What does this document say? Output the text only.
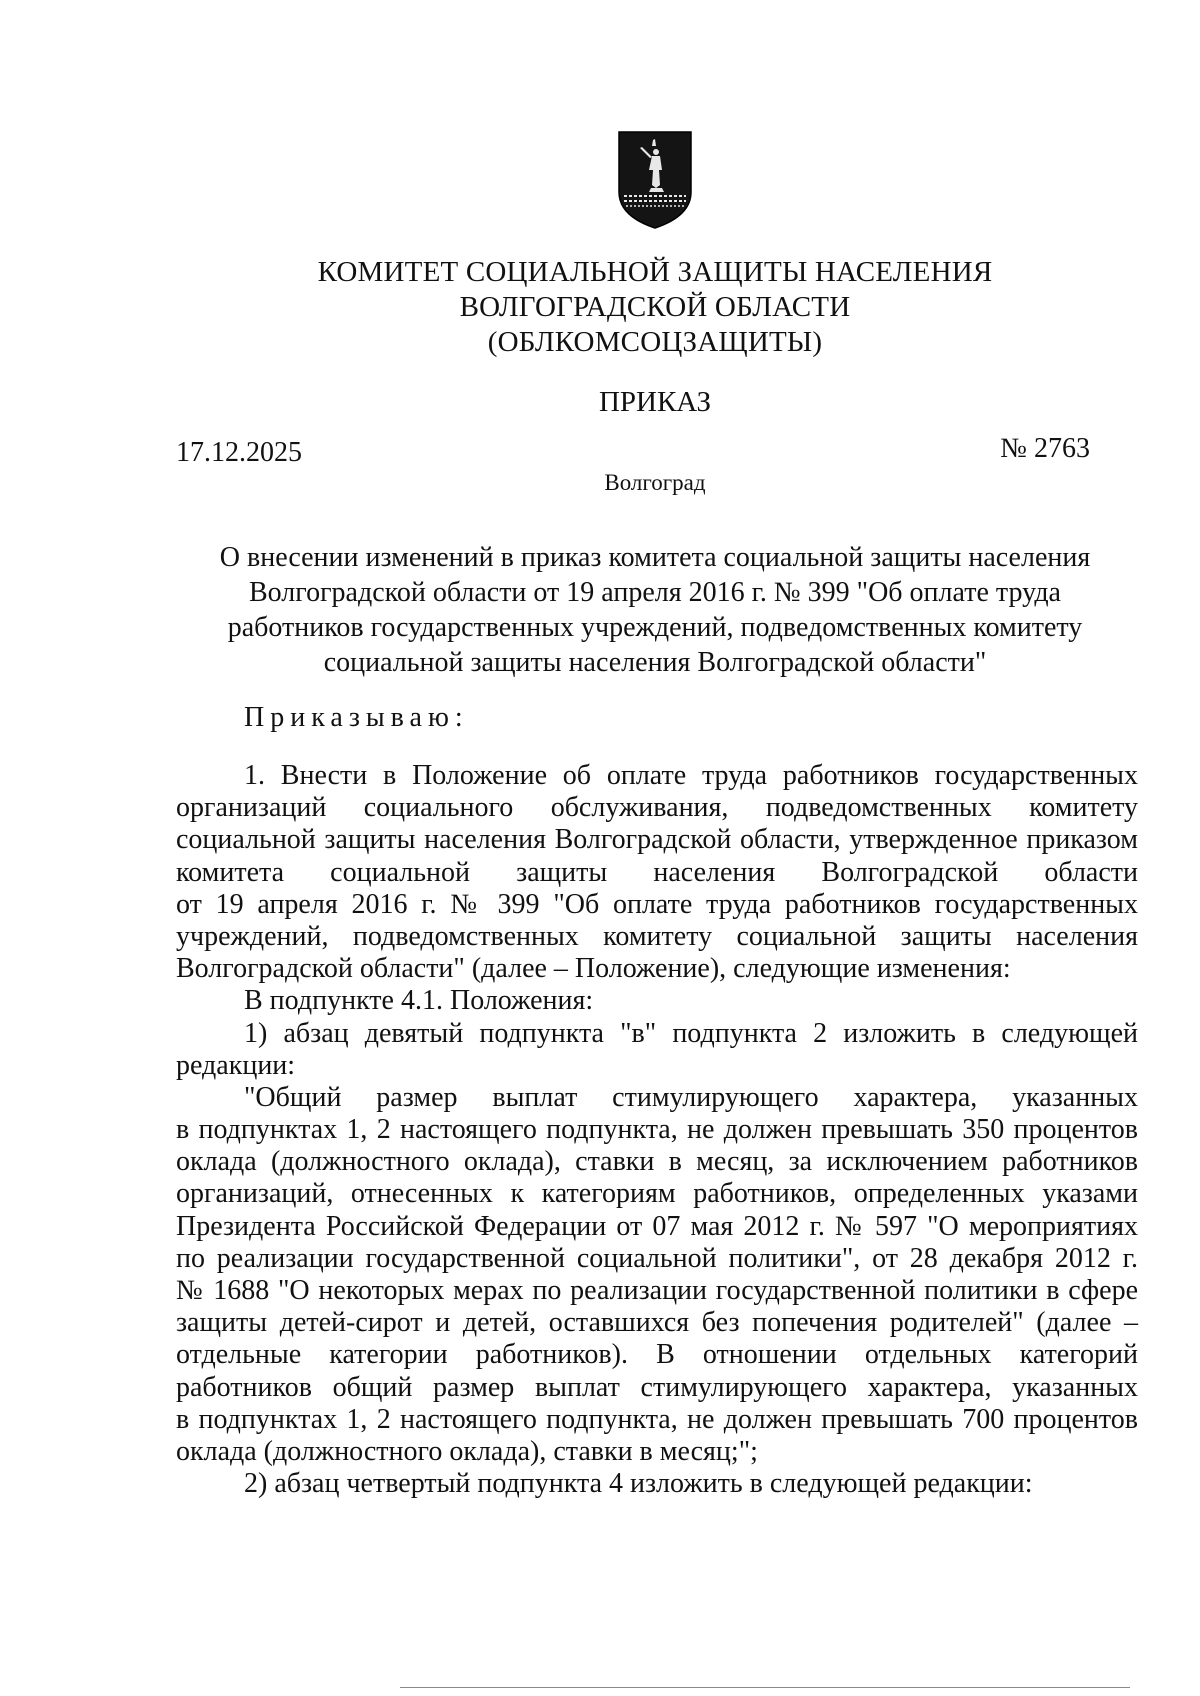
КОМИТЕТ СОЦИАЛЬНОЙ ЗАЩИТЫ НАСЕЛЕНИЯ
ВОЛГОГРАДСКОЙ ОБЛАСТИ
(ОБЛКОМСОЦЗАЩИТЫ)
ПРИКАЗ
17.12.2025	№ 2763
Волгоград
О внесении изменений в приказ комитета социальной защиты населения
Волгоградской области от 19 апреля 2016 г. № 399 "Об оплате труда
работников государственных учреждений, подведомственных комитету
социальной защиты населения Волгоградской области"
Приказываю:
1. Внести в Положение об оплате труда работников государственных
организаций социального обслуживания, подведомственных комитету
социальной защиты населения Волгоградской области, утвержденное приказом
комитета социальной защиты населения Волгоградской области
от 19 апреля 2016 г. № 399 "Об оплате труда работников государственных
учреждений, подведомственных комитету социальной защиты населения
Волгоградской области" (далее – Положение), следующие изменения:
В подпункте 4.1. Положения:
1) абзац девятый подпункта "в" подпункта 2 изложить в следующей
редакции:
"Общий размер выплат стимулирующего характера, указанных
в подпунктах 1, 2 настоящего подпункта, не должен превышать 350 процентов
оклада (должностного оклада), ставки в месяц, за исключением работников
организаций, отнесенных к категориям работников, определенных указами
Президента Российской Федерации от 07 мая 2012 г. № 597 "О мероприятиях
по реализации государственной социальной политики", от 28 декабря 2012 г.
№ 1688 "О некоторых мерах по реализации государственной политики в сфере
защиты детей-сирот и детей, оставшихся без попечения родителей" (далее –
отдельные категории работников). В отношении отдельных категорий
работников общий размер выплат стимулирующего характера, указанных
в подпунктах 1, 2 настоящего подпункта, не должен превышать 700 процентов
оклада (должностного оклада), ставки в месяц;";
2) абзац четвертый подпункта 4 изложить в следующей редакции:
